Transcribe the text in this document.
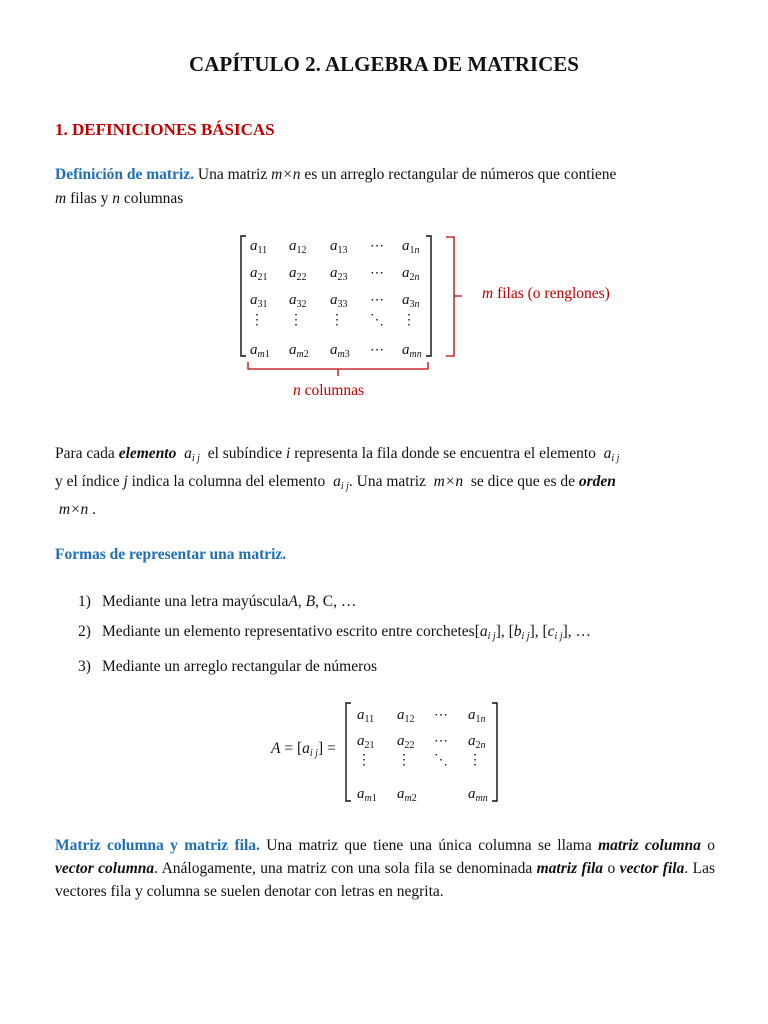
CAPÍTULO 2. ALGEBRA DE MATRICES
1. DEFINICIONES BÁSICAS

Definición de matriz. Una matriz m×n es un arreglo rectangular de números que contiene

m filas y n columnas

$a_{11}$ $a_{12}$ $a_{13}$ ⋯ $a_{1n}$
$a_{21}$ $a_{22}$ $a_{23}$ ⋯ $a_{2n}$
$a_{31}$ $a_{32}$ $a_{33}$ ⋯ $a_{3n}$
⋮ ⋮ ⋮ ⋱ ⋮
$a_{m1}$ $a_{m2}$ $a_{m3}$ ⋯ $a_{mn}$
m filas (o renglones)
n columnas
Para cada elemento $a_{i j}$  el subíndice i representa la fila donde se encuentra el elemento $a_{i j}$
y el índice j indica la columna del elemento  $a_{i j}$. Una matriz  m×n  se dice que es de orden
m×n .
Formas de representar una matriz.
1) Mediante una letra mayúscula A , B , C, …
2) Mediante un elemento representativo escrito entre corchetes $[a_{i j}]$, $[b_{i j}]$, $[c_{i j}]$, …
3) Mediante un arreglo rectangular de números
$A = [a_{i j}]$ =
$a_{11}$ $a_{12}$ ⋯ $a_{1n}$
$a_{21}$ $a_{22}$ ⋯ $a_{2n}$
⋮ ⋮ ⋱ ⋮
$a_{m1}$ $a_{m2}$	$a_{mn}$
Matriz columna y matriz fila. Una matriz que tiene una única columna se llama matriz columna o vector columna. Análogamente, una matriz con una sola fila se denominada matriz fila o vector fila. Las vectores fila y columna se suelen denotar con letras en negrita.
